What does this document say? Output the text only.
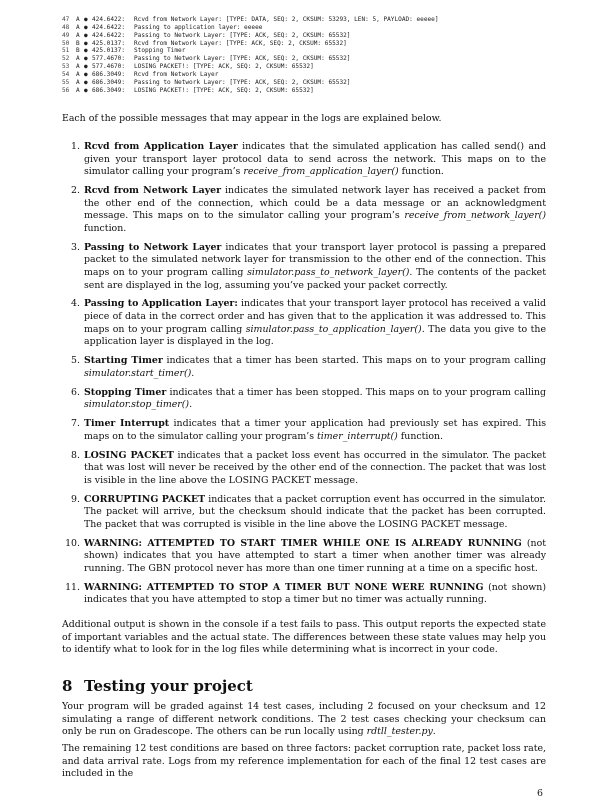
47	A ● 424.6422:	Rcvd from Network Layer: [TYPE: DATA, SEQ: 2, CKSUM: 53293, LEN: 5, PAYLOAD: eeeee]
48	A ● 424.6422:	Passing to application layer: eeeee
49	A ● 424.6422:	Passing to Network Layer: [TYPE: ACK, SEQ: 2, CKSUM: 65532]
50	B ● 425.0137:	Rcvd from Network Layer: [TYPE: ACK, SEQ: 2, CKSUM: 65532]
51	B ● 425.0137:	Stopping Timer
52	A ● 577.4670:	Passing to Network Layer: [TYPE: ACK, SEQ: 2, CKSUM: 65532]
53	A ● 577.4670:	LOSING PACKET!: [TYPE: ACK, SEQ: 2, CKSUM: 65532]
54	A ● 686.3049:	Rcvd from Network Layer
55	A ● 686.3049:	Passing to Network Layer: [TYPE: ACK, SEQ: 2, CKSUM: 65532]
56	A ● 686.3049:	LOSING PACKET!: [TYPE: ACK, SEQ: 2, CKSUM: 65532]
Each of the possible messages that may appear in the logs are explained below.
1. Rcvd from Application Layer indicates that the simulated application has called send() and given your transport layer protocol data to send across the network. This maps on to the simulator calling your program’s receive_from_application_layer() function.
2. Rcvd from Network Layer indicates the simulated network layer has received a packet from the other end of the connection, which could be a data message or an acknowledgment message. This maps on to the simulator calling your program’s receive_from_network_layer() function.
3. Passing to Network Layer indicates that your transport layer protocol is passing a prepared packet to the simulated network layer for transmission to the other end of the connection. This maps on to your program calling simulator.pass_to_network_layer(). The contents of the packet sent are displayed in the log, assuming you’ve packed your packet correctly.
4. Passing to Application Layer: indicates that your transport layer protocol has received a valid piece of data in the correct order and has given that to the application it was addressed to. This maps on to your program calling simulator.pass_to_application_layer(). The data you give to the application layer is displayed in the log.
5. Starting Timer indicates that a timer has been started. This maps on to your program calling simulator.start_timer().
6. Stopping Timer indicates that a timer has been stopped. This maps on to your program calling simulator.stop_timer().
7. Timer Interrupt indicates that a timer your application had previously set has expired. This maps on to the simulator calling your program’s timer_interrupt() function.
8. LOSING PACKET indicates that a packet loss event has occurred in the simulator. The packet that was lost will never be received by the other end of the connection. The packet that was lost is visible in the line above the LOSING PACKET message.
9. CORRUPTING PACKET indicates that a packet corruption event has occurred in the simulator. The packet will arrive, but the checksum should indicate that the packet has been corrupted. The packet that was corrupted is visible in the line above the LOSING PACKET message.
10. WARNING: ATTEMPTED TO START TIMER WHILE ONE IS ALREADY RUNNING (not shown) indicates that you have attempted to start a timer when another timer was already running. The GBN protocol never has more than one timer running at a time on a specific host.
11. WARNING: ATTEMPTED TO STOP A TIMER BUT NONE WERE RUNNING (not shown) indicates that you have attempted to stop a timer but no timer was actually running.
Additional output is shown in the console if a test fails to pass. This output reports the expected state of important variables and the actual state. The differences between these state values may help you to identify what to look for in the log files while determining what is incorrect in your code.
8 Testing your project
Your program will be graded against 14 test cases, including 2 focused on your checksum and 12 simulating a range of different network conditions. The 2 test cases checking your checksum can only be run on Gradescope. The others can be run locally using rdtll_tester.py.
The remaining 12 test conditions are based on three factors: packet corruption rate, packet loss rate, and data arrival rate. Logs from my reference implementation for each of the final 12 test cases are included in the
6
